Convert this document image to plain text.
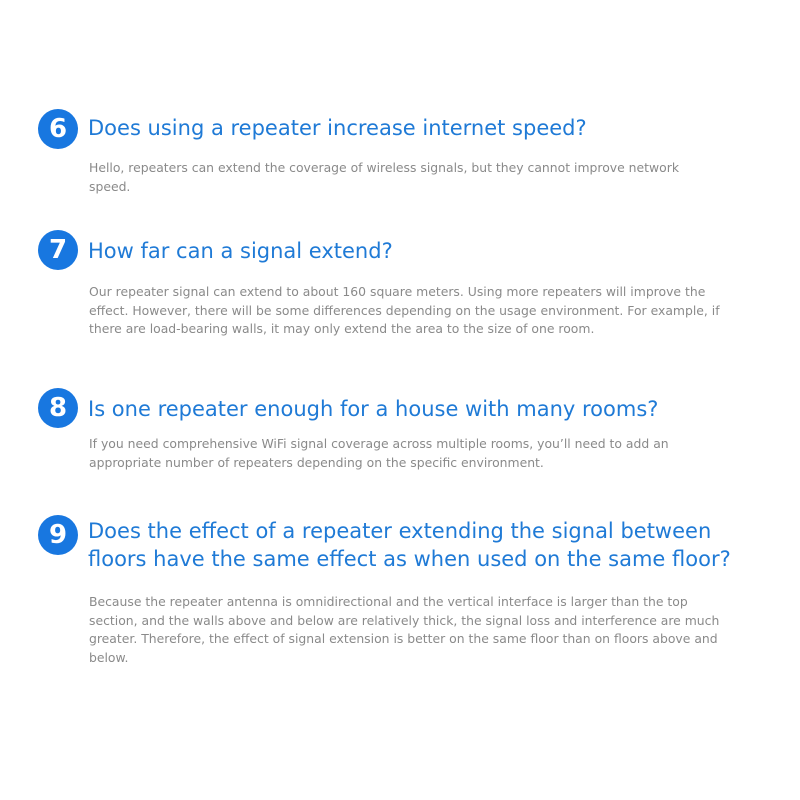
6 Does using a repeater increase internet speed?

Hello, repeaters can extend the coverage of wireless signals, but they cannot improve network speed.

7 How far can a signal extend?

Our repeater signal can extend to about 160 square meters. Using more repeaters will improve the effect. However, there will be some differences depending on the usage environment. For example, if there are load-bearing walls, it may only extend the area to the size of one room.

8 Is one repeater enough for a house with many rooms?

If you need comprehensive WiFi signal coverage across multiple rooms, you’ll need to add an appropriate number of repeaters depending on the specific environment.

9 Does the effect of a repeater extending the signal between
floors have the same effect as when used on the same floor?

Because the repeater antenna is omnidirectional and the vertical interface is larger than the top section, and the walls above and below are relatively thick, the signal loss and interference are much greater. Therefore, the effect of signal extension is better on the same floor than on floors above and below.
